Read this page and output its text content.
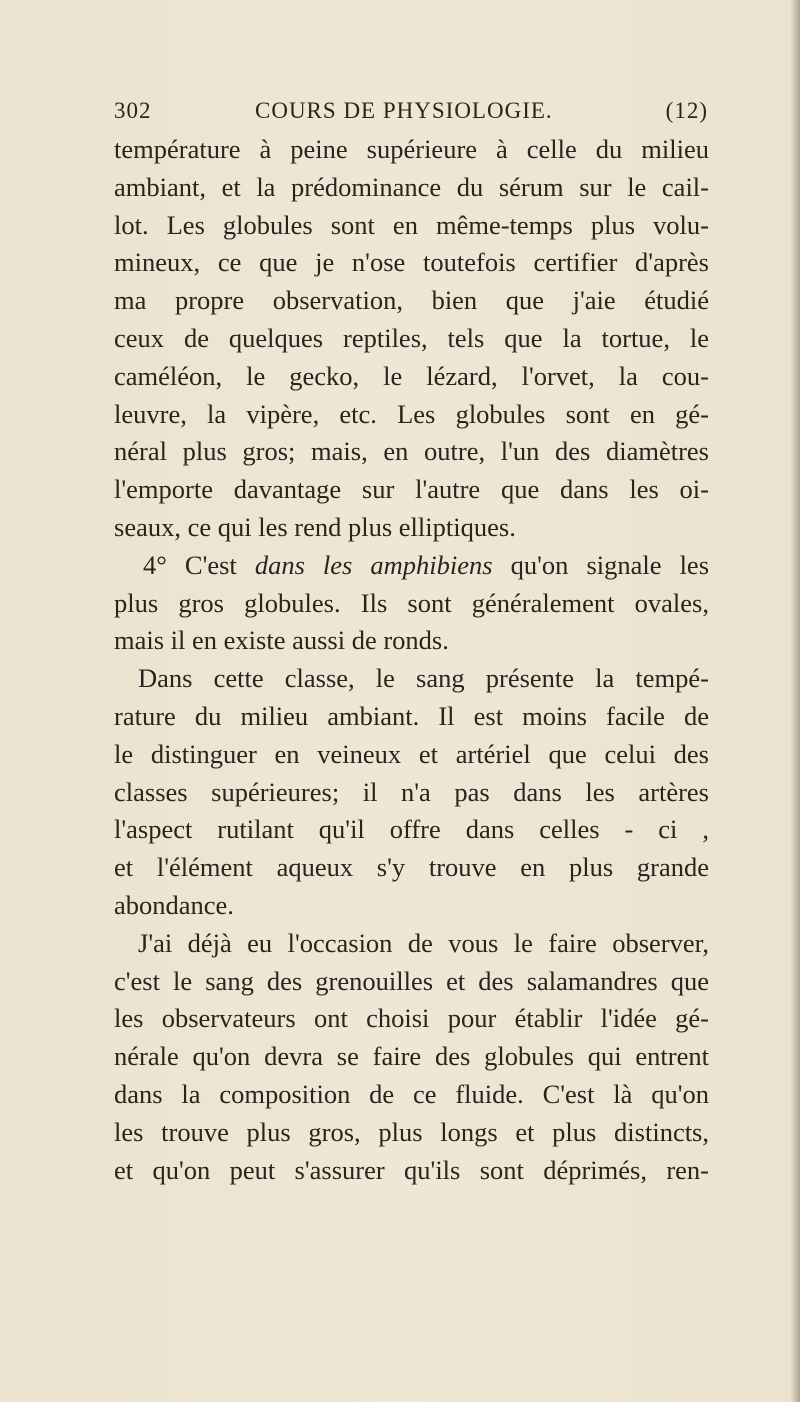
302	COURS DE PHYSIOLOGIE.	(12)
température à peine supérieure à celle du milieu
ambiant, et la prédominance du sérum sur le cail-
lot. Les globules sont en même-temps plus volu-
mineux, ce que je n'ose toutefois certifier d'après
ma propre observation, bien que j'aie étudié
ceux de quelques reptiles, tels que la tortue, le
caméléon, le gecko, le lézard, l'orvet, la cou-
leuvre, la vipère, etc. Les globules sont en gé-
néral plus gros; mais, en outre, l'un des diamètres
l'emporte davantage sur l'autre que dans les oi-
seaux, ce qui les rend plus elliptiques.
4° C'est dans les amphibiens qu'on signale les
plus gros globules. Ils sont généralement ovales,
mais il en existe aussi de ronds.
Dans cette classe, le sang présente la tempé-
rature du milieu ambiant. Il est moins facile de
le distinguer en veineux et artériel que celui des
classes supérieures; il n'a pas dans les artères
l'aspect rutilant qu'il offre dans celles - ci ,
et l'élément aqueux s'y trouve en plus grande
abondance.
J'ai déjà eu l'occasion de vous le faire observer,
c'est le sang des grenouilles et des salamandres que
les observateurs ont choisi pour établir l'idée gé-
nérale qu'on devra se faire des globules qui entrent
dans la composition de ce fluide. C'est là qu'on
les trouve plus gros, plus longs et plus distincts,
et qu'on peut s'assurer qu'ils sont déprimés, ren-
